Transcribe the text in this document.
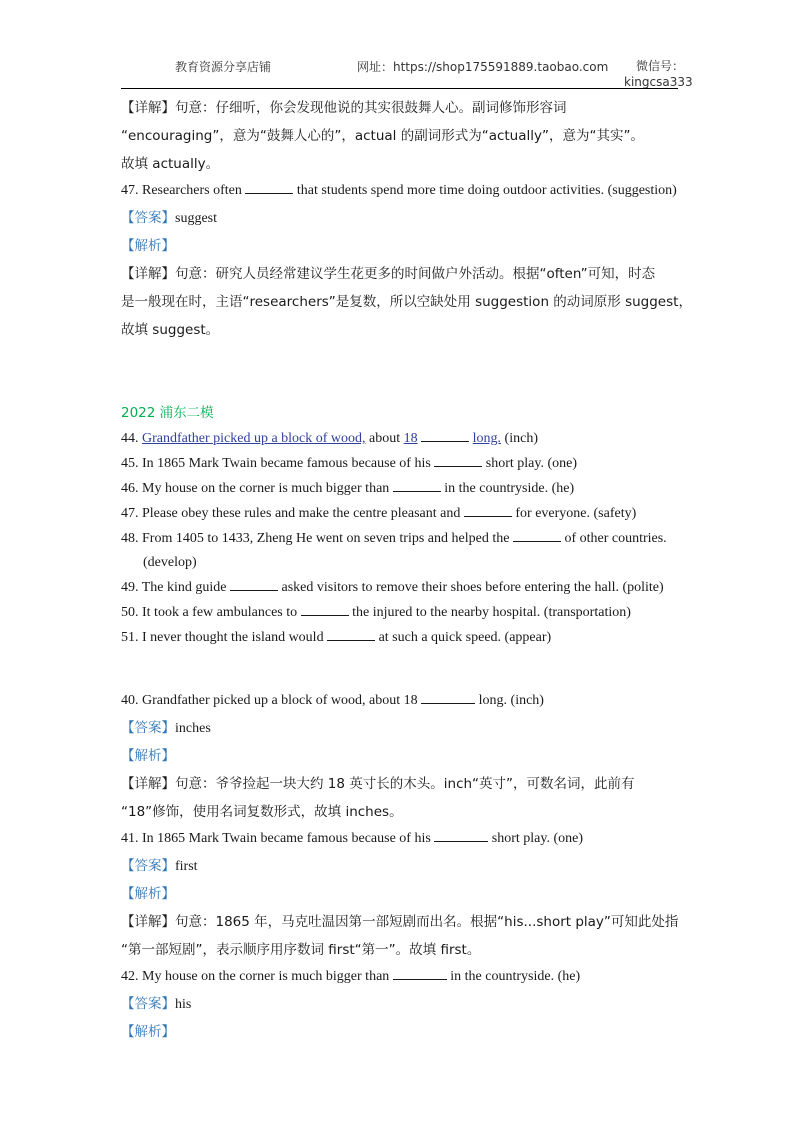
教育资源分享店铺	网址：https://shop175591889.taobao.com	微信号：
kingcsa333
【详解】句意：仔细听，你会发现他说的其实很鼓舞人心。副词修饰形容词
“encouraging”，意为“鼓舞人心的”，actual 的副词形式为“actually”，意为“其实”。
故填 actually。
47. Researchers often	that students spend more time doing outdoor activities. (suggestion)
【答案】suggest
【解析】
【详解】句意：研究人员经常建议学生花更多的时间做户外活动。根据“often”可知，时态
是一般现在时，主语“researchers”是复数，所以空缺处用 suggestion 的动词原形 suggest，
故填 suggest。
2022 浦东二模
44. Grandfather picked up a block of wood, about 18	long. (inch)
45. In 1865 Mark Twain became famous because of his	short play. (one)
46. My house on the corner is much bigger than	in the countryside. (he)
47. Please obey these rules and make the centre pleasant and	for everyone. (safety)
48. From 1405 to 1433, Zheng He went on seven trips and helped the	of other countries.
(develop)
49. The kind guide	asked visitors to remove their shoes before entering the hall. (polite)
50. It took a few ambulances to	the injured to the nearby hospital. (transportation)
51. I never thought the island would	at such a quick speed. (appear)
40. Grandfather picked up a block of wood, about 18	long. (inch)
【答案】inches
【解析】
【详解】句意：爷爷捡起一块大约 18 英寸长的木头。inch“英寸”，可数名词，此前有
“18”修饰，使用名词复数形式，故填 inches。
41. In 1865 Mark Twain became famous because of his	short play. (one)
【答案】first
【解析】
【详解】句意：1865 年，马克吐温因第一部短剧而出名。根据“his...short play”可知此处指
“第一部短剧”，表示顺序用序数词 first“第一”。故填 first。
42. My house on the corner is much bigger than	in the countryside. (he)
【答案】his
【解析】
